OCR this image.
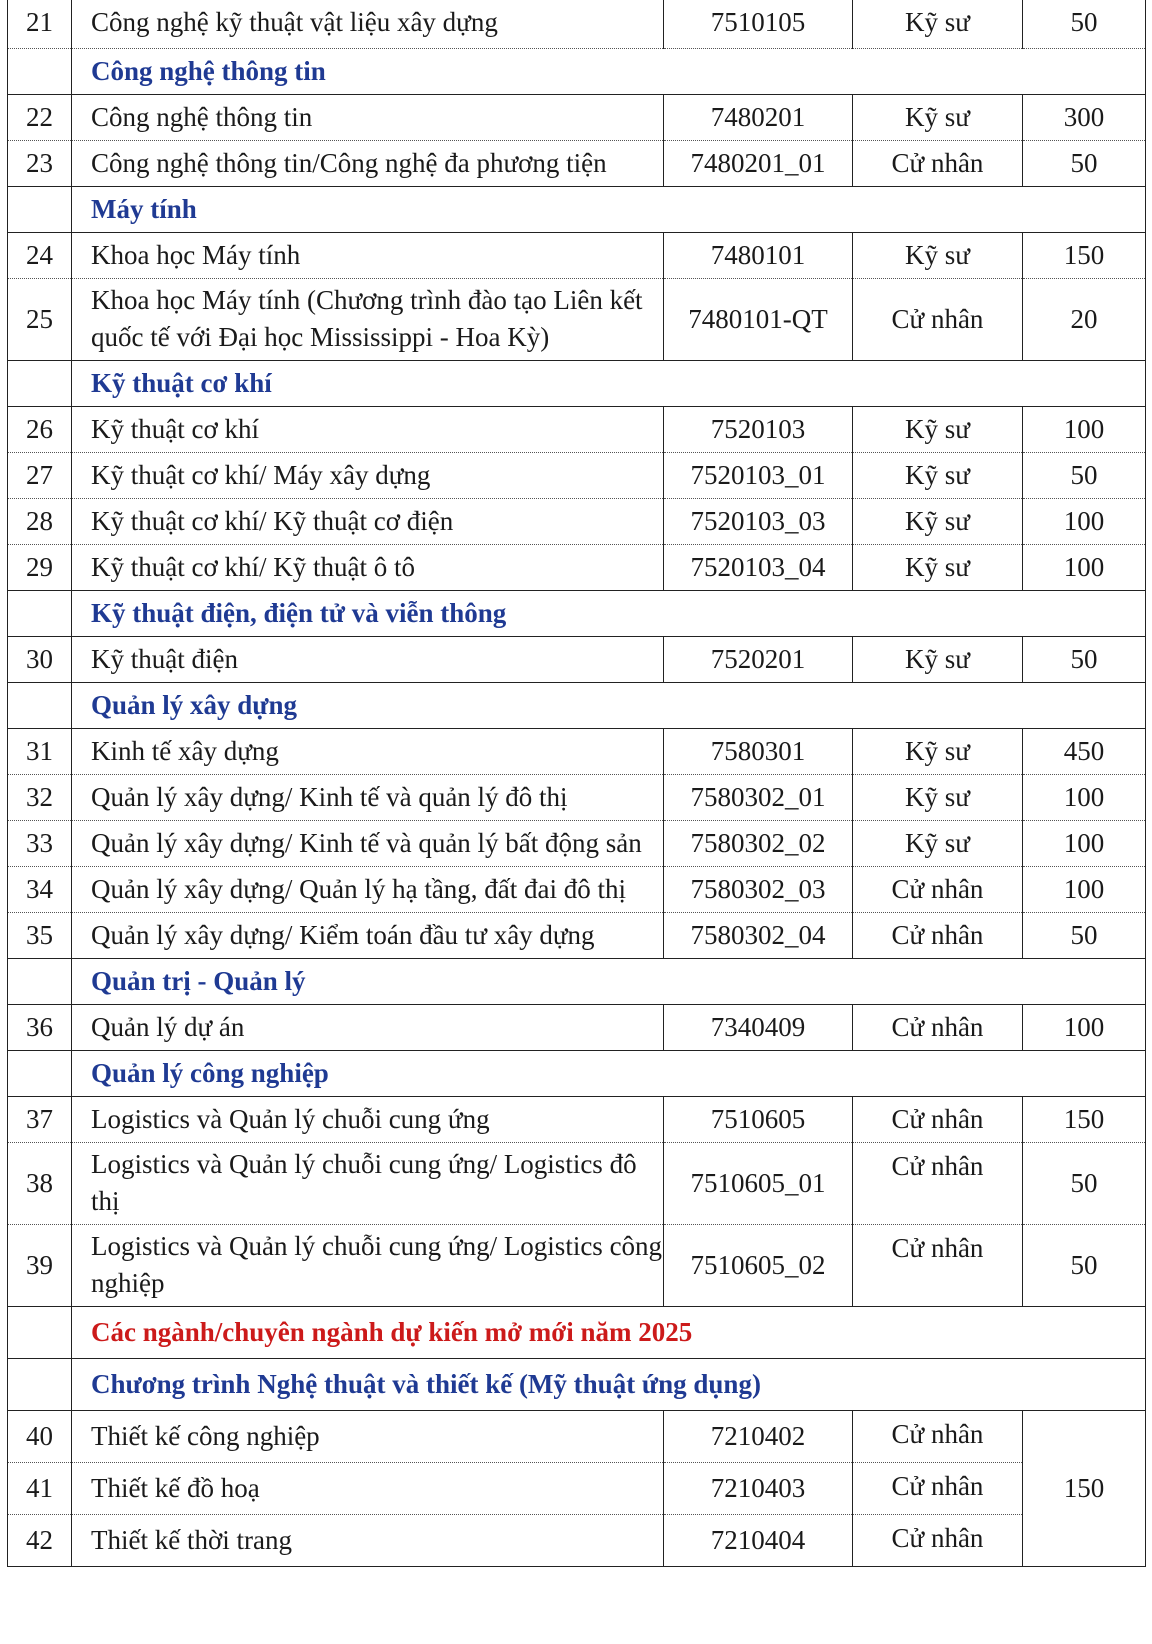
21	Công nghệ kỹ thuật vật liệu xây dựng	7510105	Kỹ sư	50
	Công nghệ thông tin			
22	Công nghệ thông tin	7480201	Kỹ sư	300
23	Công nghệ thông tin/Công nghệ đa phương tiện	7480201_01	Cử nhân	50
	Máy tính			
24	Khoa học Máy tính	7480101	Kỹ sư	150
25	Khoa học Máy tính (Chương trình đào tạo Liên kết quốc tế với Đại học Mississippi - Hoa Kỳ)	7480101-QT	Cử nhân	20
	Kỹ thuật cơ khí			
26	Kỹ thuật cơ khí	7520103	Kỹ sư	100
27	Kỹ thuật cơ khí/ Máy xây dựng	7520103_01	Kỹ sư	50
28	Kỹ thuật cơ khí/ Kỹ thuật cơ điện	7520103_03	Kỹ sư	100
29	Kỹ thuật cơ khí/ Kỹ thuật ô tô	7520103_04	Kỹ sư	100
	Kỹ thuật điện, điện tử và viễn thông			
30	Kỹ thuật điện	7520201	Kỹ sư	50
	Quản lý xây dựng			
31	Kinh tế xây dựng	7580301	Kỹ sư	450
32	Quản lý xây dựng/ Kinh tế và quản lý đô thị	7580302_01	Kỹ sư	100
33	Quản lý xây dựng/ Kinh tế và quản lý bất động sản	7580302_02	Kỹ sư	100
34	Quản lý xây dựng/ Quản lý hạ tầng, đất đai đô thị	7580302_03	Cử nhân	100
35	Quản lý xây dựng/ Kiểm toán đầu tư xây dựng	7580302_04	Cử nhân	50
	Quản trị - Quản lý			
36	Quản lý dự án	7340409	Cử nhân	100
	Quản lý công nghiệp			
37	Logistics và Quản lý chuỗi cung ứng	7510605	Cử nhân	150
38	Logistics và Quản lý chuỗi cung ứng/ Logistics đô thị	7510605_01	Cử nhân	50
39	Logistics và Quản lý chuỗi cung ứng/ Logistics công nghiệp	7510605_02	Cử nhân	50
	Các ngành/chuyên ngành dự kiến mở mới năm 2025			
	Chương trình Nghệ thuật và thiết kế (Mỹ thuật ứng dụng)			
40	Thiết kế công nghiệp	7210402	Cử nhân	150
41	Thiết kế đồ hoạ	7210403	Cử nhân	
42	Thiết kế thời trang	7210404	Cử nhân	
